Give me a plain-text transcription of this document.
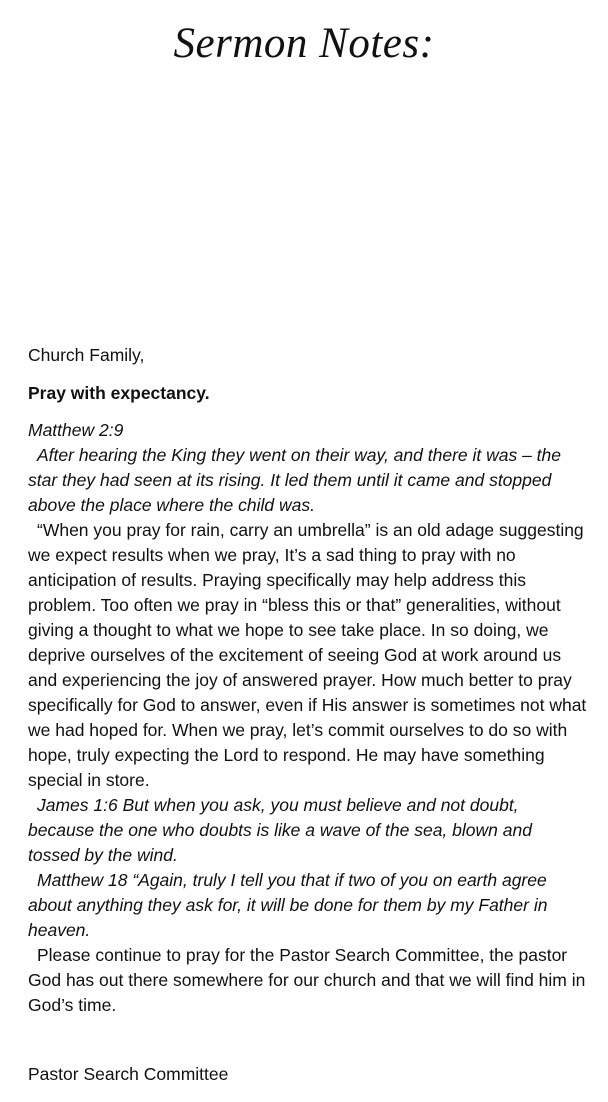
Sermon Notes:

Church Family,

Pray with expectancy.

Matthew 2:9

After hearing the King they went on their way, and there it was – the star they had seen at its rising. It led them until it came and stopped above the place where the child was.

“When you pray for rain, carry an umbrella” is an old adage suggesting we expect results when we pray, It’s a sad thing to pray with no anticipation of results. Praying specifically may help address this problem. Too often we pray in “bless this or that” generalities, without giving a thought to what we hope to see take place. In so doing, we deprive ourselves of the excitement of seeing God at work around us and experiencing the joy of answered prayer. How much better to pray specifically for God to answer, even if His answer is sometimes not what we had hoped for. When we pray, let’s commit ourselves to do so with hope, truly expecting the Lord to respond. He may have something special in store.

James 1:6 But when you ask, you must believe and not doubt, because the one who doubts is like a wave of the sea, blown and tossed by the wind.

Matthew 18 “Again, truly I tell you that if two of you on earth agree about anything they ask for, it will be done for them by my Father in heaven.

Please continue to pray for the Pastor Search Committee, the pastor God has out there somewhere for our church and that we will find him in God’s time.

Pastor Search Committee
